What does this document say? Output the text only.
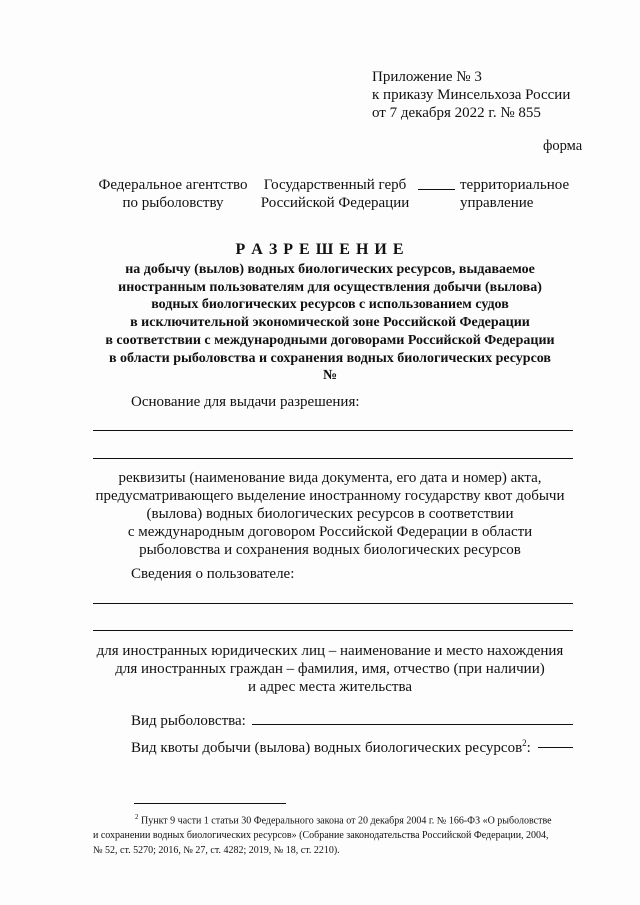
Приложение № 3
к приказу Минсельхоза России
от 7 декабря 2022 г. № 855
форма
Федеральное агентство
по рыболовству
Государственный герб
Российской Федерации
территориальное
управление
Р А З Р Е Ш Е Н И Е
на добычу (вылов) водных биологических ресурсов, выдаваемое
иностранным пользователям для осуществления добычи (вылова)
водных биологических ресурсов с использованием судов
в исключительной экономической зоне Российской Федерации
в соответствии с международными договорами Российской Федерации
в области рыболовства и сохранения водных биологических ресурсов
№
Основание для выдачи разрешения:
реквизиты (наименование вида документа, его дата и номер) акта,
предусматривающего выделение иностранному государству квот добычи
(вылова) водных биологических ресурсов в соответствии
с международным договором Российской Федерации в области
рыболовства и сохранения водных биологических ресурсов
Сведения о пользователе:
для иностранных юридических лиц – наименование и место нахождения
для иностранных граждан – фамилия, имя, отчество (при наличии)
и адрес места жительства
Вид рыболовства:
Вид квоты добычи (вылова) водных биологических ресурсов$^2$:
$^2$ Пункт 9 части 1 статьи 30 Федерального закона от 20 декабря 2004 г. № 166-ФЗ «О рыболовстве
и сохранении водных биологических ресурсов» (Собрание законодательства Российской Федерации, 2004,
№ 52, ст. 5270; 2016, № 27, ст. 4282; 2019, № 18, ст. 2210).
